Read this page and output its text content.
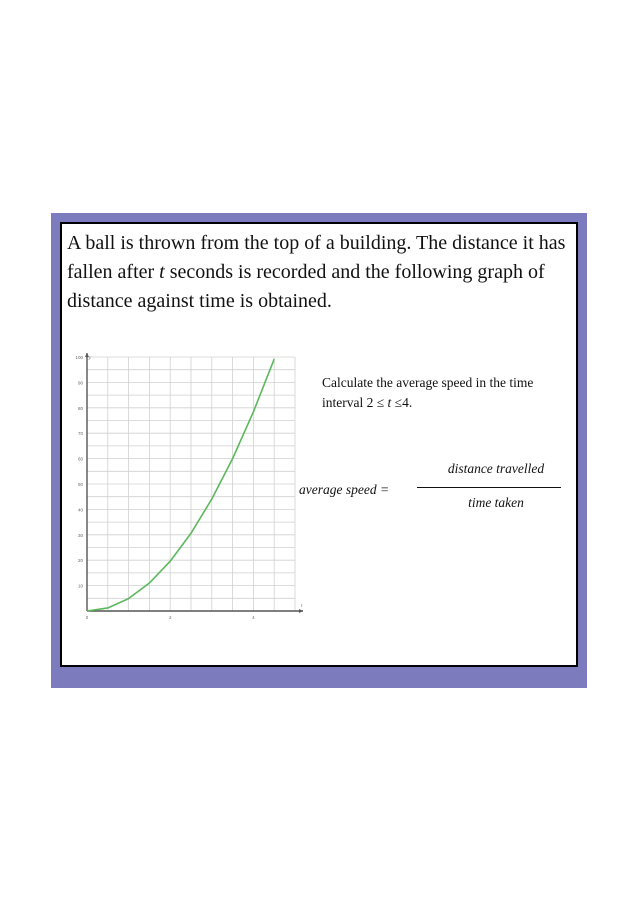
A ball is thrown from the top of a building. The distance it has fallen after t seconds is recorded and the following graph of distance against time is obtained.

10
20
30
40
50
60
70
80
90
100
0	2	4
t
y

Calculate the average speed in the time
interval 2 ≤ t ≤4.

average speed =
distance travelled
time taken
